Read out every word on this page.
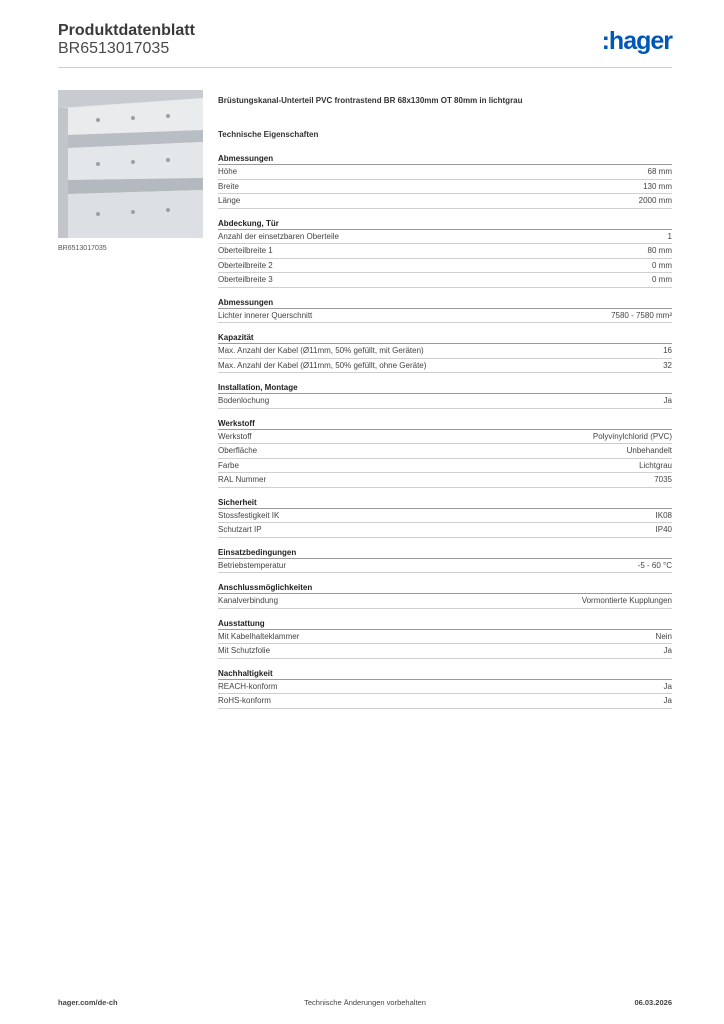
Produktdatenblatt
BR6513017035	:hager
BR6513017035
Brüstungskanal-Unterteil PVC frontrastend BR 68x130mm OT 80mm in lichtgrau
Technische Eigenschaften
Abmessungen
Höhe	68 mm
Breite	130 mm
Länge	2000 mm
Abdeckung, Tür
Anzahl der einsetzbaren Oberteile	1
Oberteilbreite 1	80 mm
Oberteilbreite 2	0 mm
Oberteilbreite 3	0 mm
Abmessungen
Lichter innerer Querschnitt	7580 - 7580 mm²
Kapazität
Max. Anzahl der Kabel (Ø11mm, 50% gefüllt, mit Geräten)	16
Max. Anzahl der Kabel (Ø11mm, 50% gefüllt, ohne Geräte)	32
Installation, Montage
Bodenlochung	Ja
Werkstoff
Werkstoff	Polyvinylchlorid (PVC)
Oberfläche	Unbehandelt
Farbe	Lichtgrau
RAL Nummer	7035
Sicherheit
Stossfestigkeit IK	IK08
Schutzart IP	IP40
Einsatzbedingungen
Betriebstemperatur	-5 - 60 °C
Anschlussmöglichkeiten
Kanalverbindung	Vormontierte Kupplungen
Ausstattung
Mit Kabelhalteklammer	Nein
Mit Schutzfolie	Ja
Nachhaltigkeit
REACH-konform	Ja
RoHS-konform	Ja
hager.com/de-ch	Technische Änderungen vorbehalten	06.03.2026
